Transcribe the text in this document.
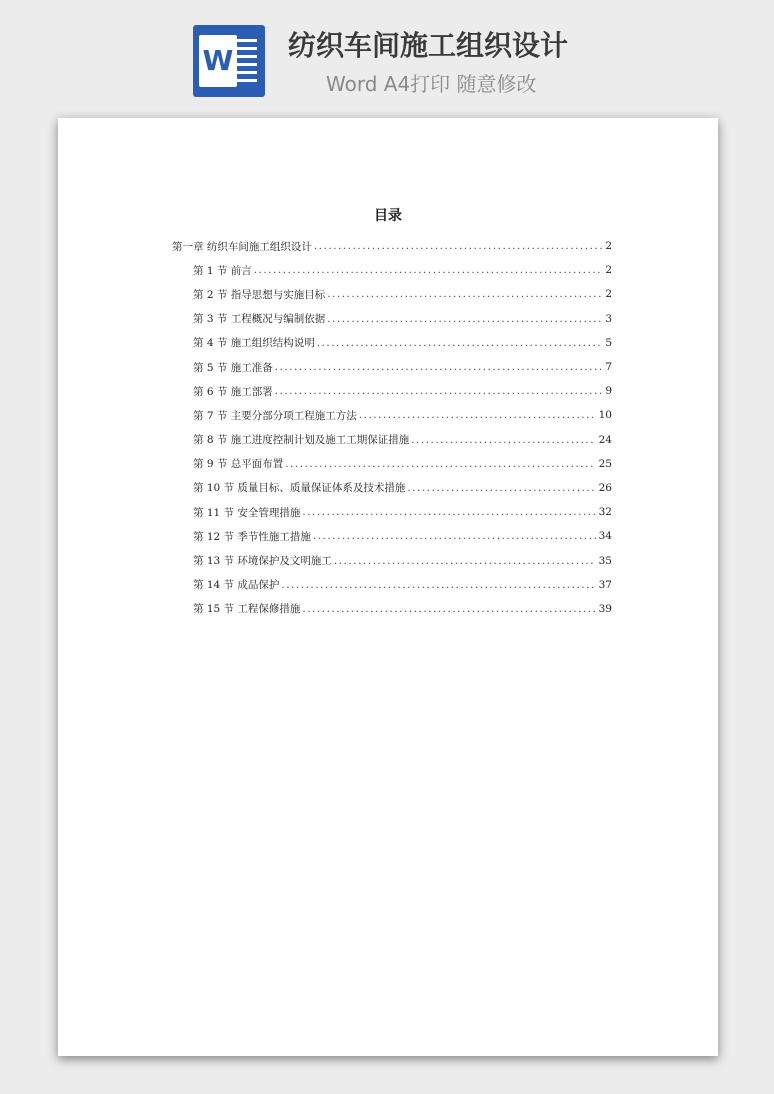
W 纺织车间施工组织设计
Word A4打印 随意修改
目录
第一章 纺织车间施工组织设计 .....	2
第 1 节 前言 .....	2
第 2 节 指导思想与实施目标 .....	2
第 3 节 工程概况与编制依据 .....	3
第 4 节 施工组织结构说明 .....	5
第 5 节 施工准备 .....	7
第 6 节 施工部署 .....	9
第 7 节 主要分部分项工程施工方法 .....	10
第 8 节 施工进度控制计划及施工工期保证措施 .....	24
第 9 节 总平面布置 .....	25
第 10 节 质量目标、质量保证体系及技术措施 .....	26
第 11 节 安全管理措施 .....	32
第 12 节 季节性施工措施 .....	34
第 13 节 环境保护及文明施工 .....	35
第 14 节 成品保护 .....	37
第 15 节 工程保修措施 .....	39
